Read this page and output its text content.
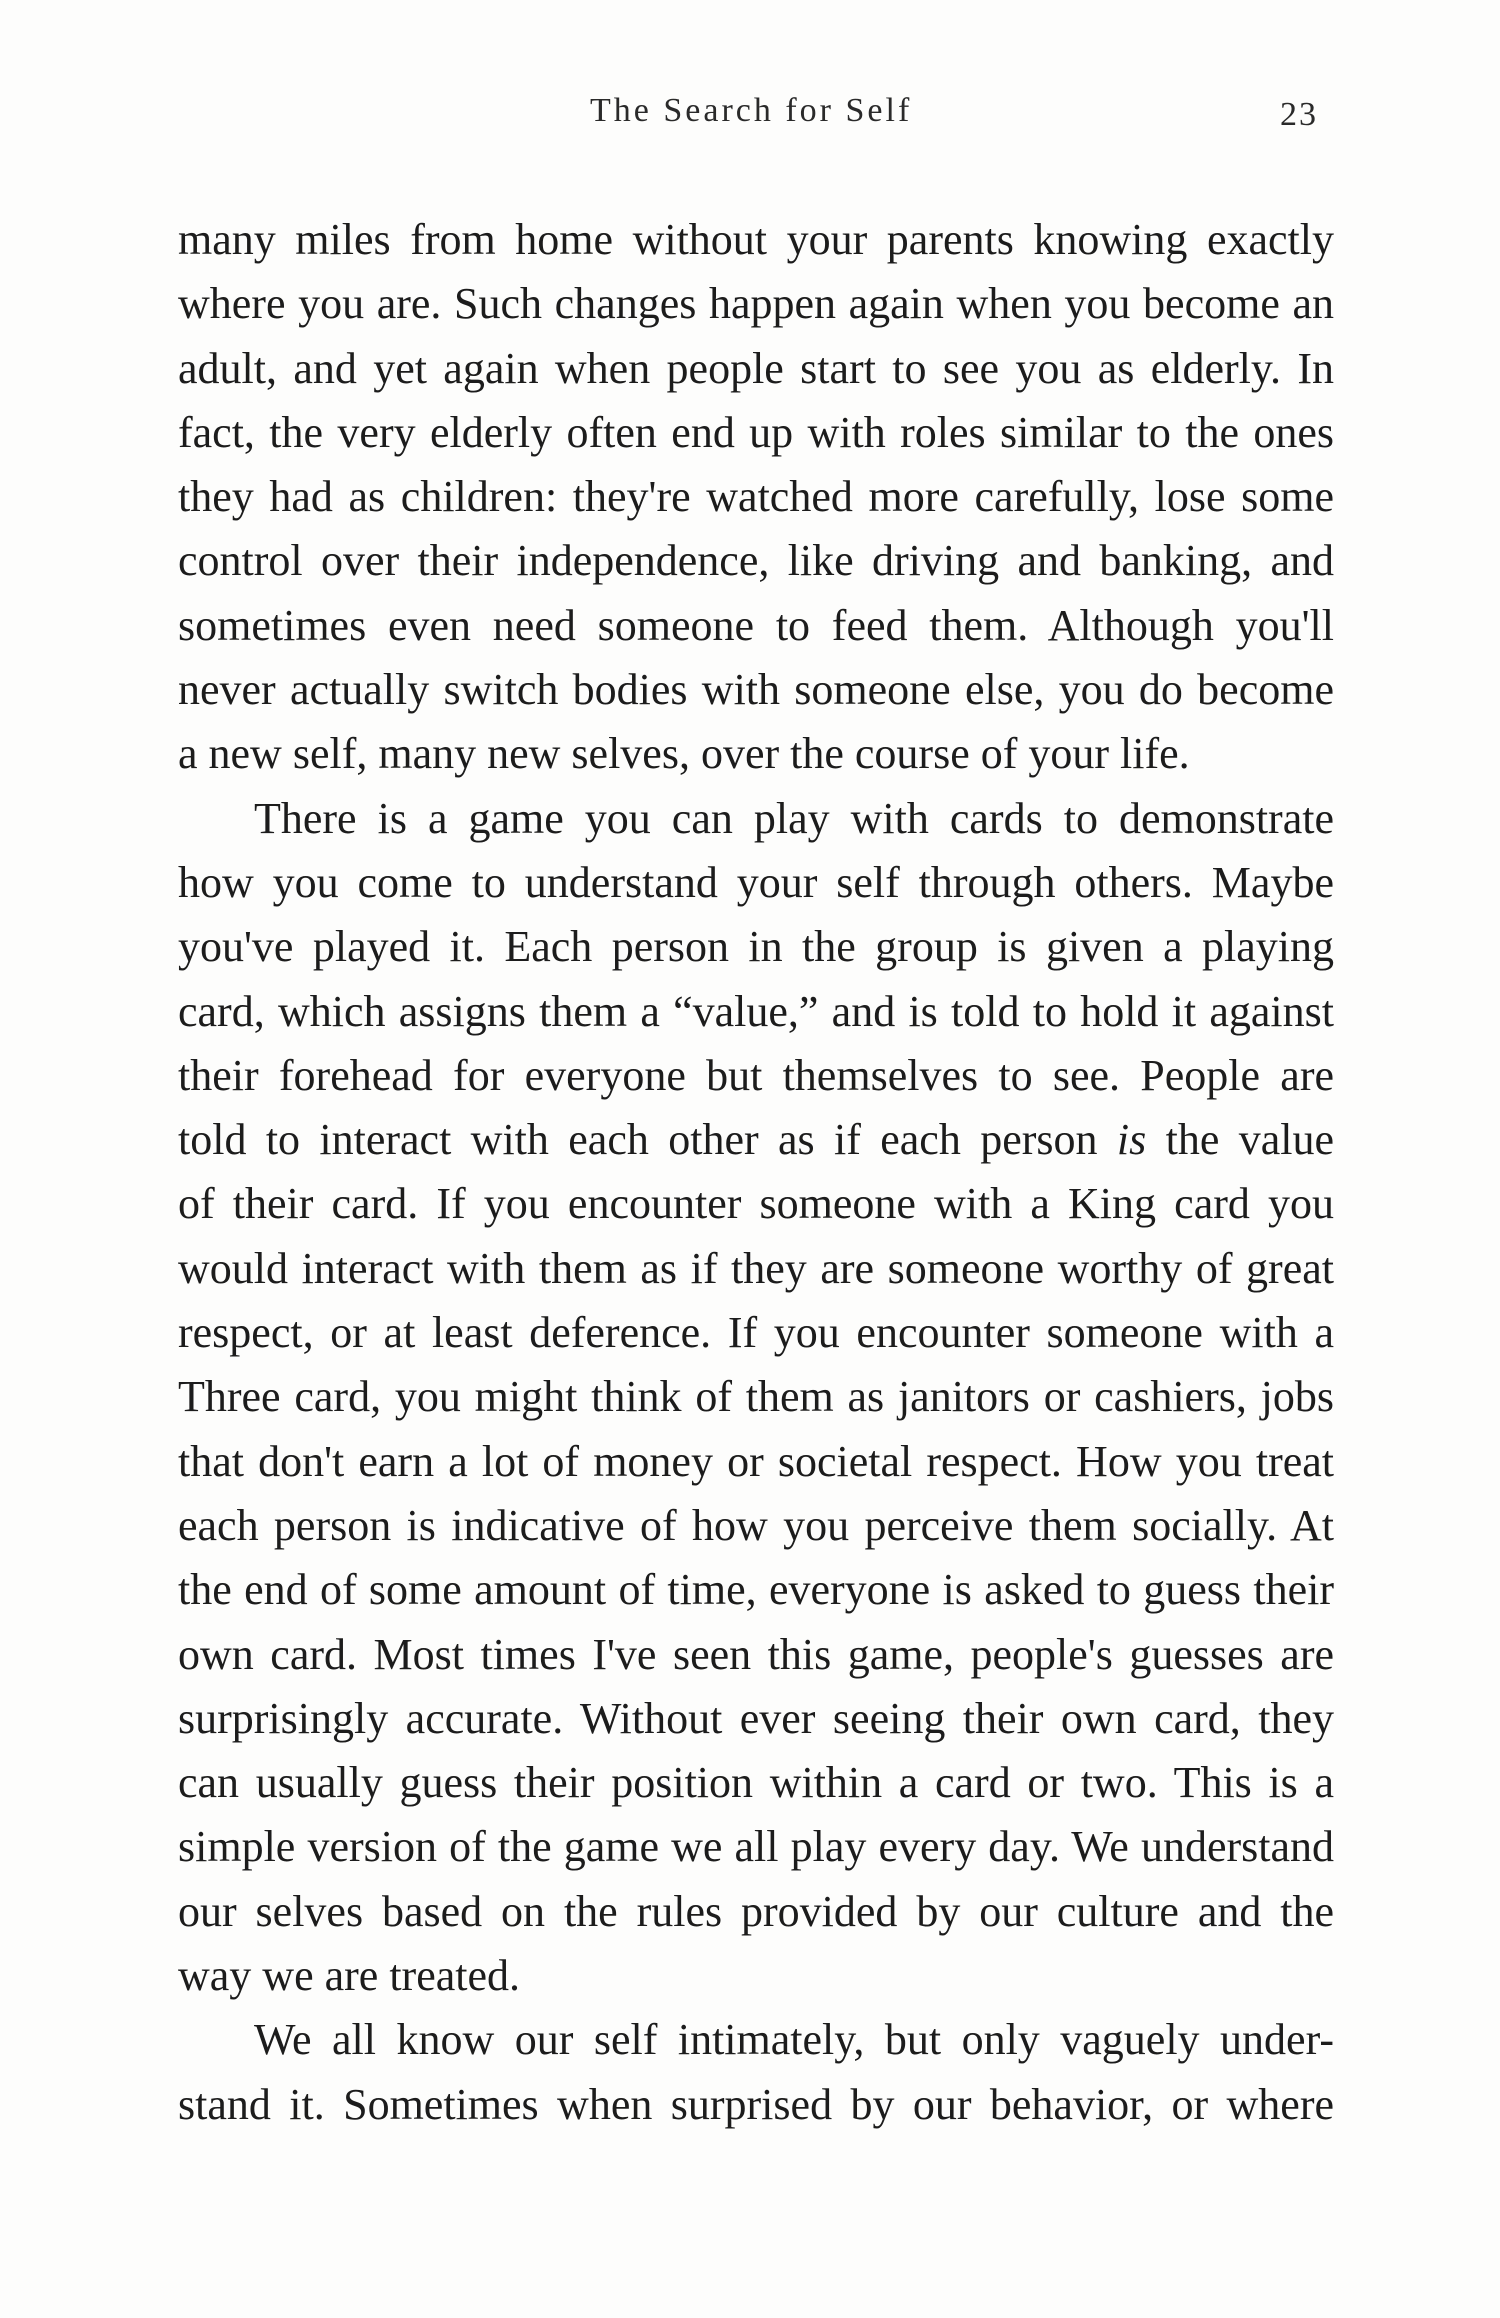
The Search for Self	23
many miles from home without your parents knowing exactly
where you are. Such changes happen again when you become an
adult, and yet again when people start to see you as elderly. In
fact, the very elderly often end up with roles similar to the ones
they had as children: they're watched more carefully, lose some
control over their independence, like driving and banking, and
sometimes even need someone to feed them. Although you'll
never actually switch bodies with someone else, you do become
a new self, many new selves, over the course of your life.
There is a game you can play with cards to demonstrate
how you come to understand your self through others. Maybe
you've played it. Each person in the group is given a playing
card, which assigns them a “value,” and is told to hold it against
their forehead for everyone but themselves to see. People are
told to interact with each other as if each person is the value
of their card. If you encounter someone with a King card you
would interact with them as if they are someone worthy of great
respect, or at least deference. If you encounter someone with a
Three card, you might think of them as janitors or cashiers, jobs
that don't earn a lot of money or societal respect. How you treat
each person is indicative of how you perceive them socially. At
the end of some amount of time, everyone is asked to guess their
own card. Most times I've seen this game, people's guesses are
surprisingly accurate. Without ever seeing their own card, they
can usually guess their position within a card or two. This is a
simple version of the game we all play every day. We understand
our selves based on the rules provided by our culture and the
way we are treated.
We all know our self intimately, but only vaguely under-
stand it. Sometimes when surprised by our behavior, or where
